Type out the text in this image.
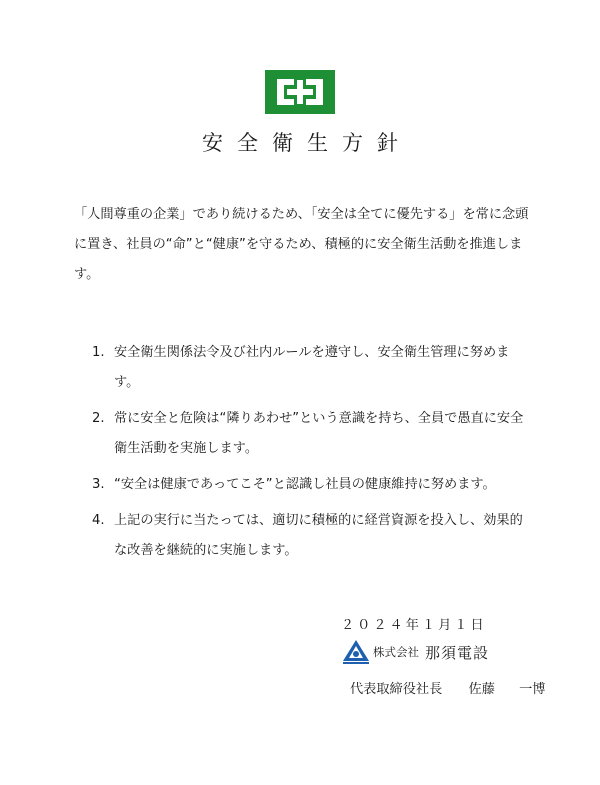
安全衛生方針
「人間尊重の企業」であり続けるため、「安全は全てに優先する」を常に念頭に置き、社員の“命”と“健康”を守るため、積極的に安全衛生活動を推進します。
1. 安全衛生関係法令及び社内ルールを遵守し、安全衛生管理に努めます。
2. 常に安全と危険は“隣りあわせ”という意識を持ち、全員で愚直に安全衛生活動を実施します。
3. “安全は健康であってこそ”と認識し社員の健康維持に努めます。
4. 上記の実行に当たっては、適切に積極的に経営資源を投入し、効果的な改善を継続的に実施します。
２０２４年１月１日
株式会社 那須電設
代表取締役社長 佐藤 一博
